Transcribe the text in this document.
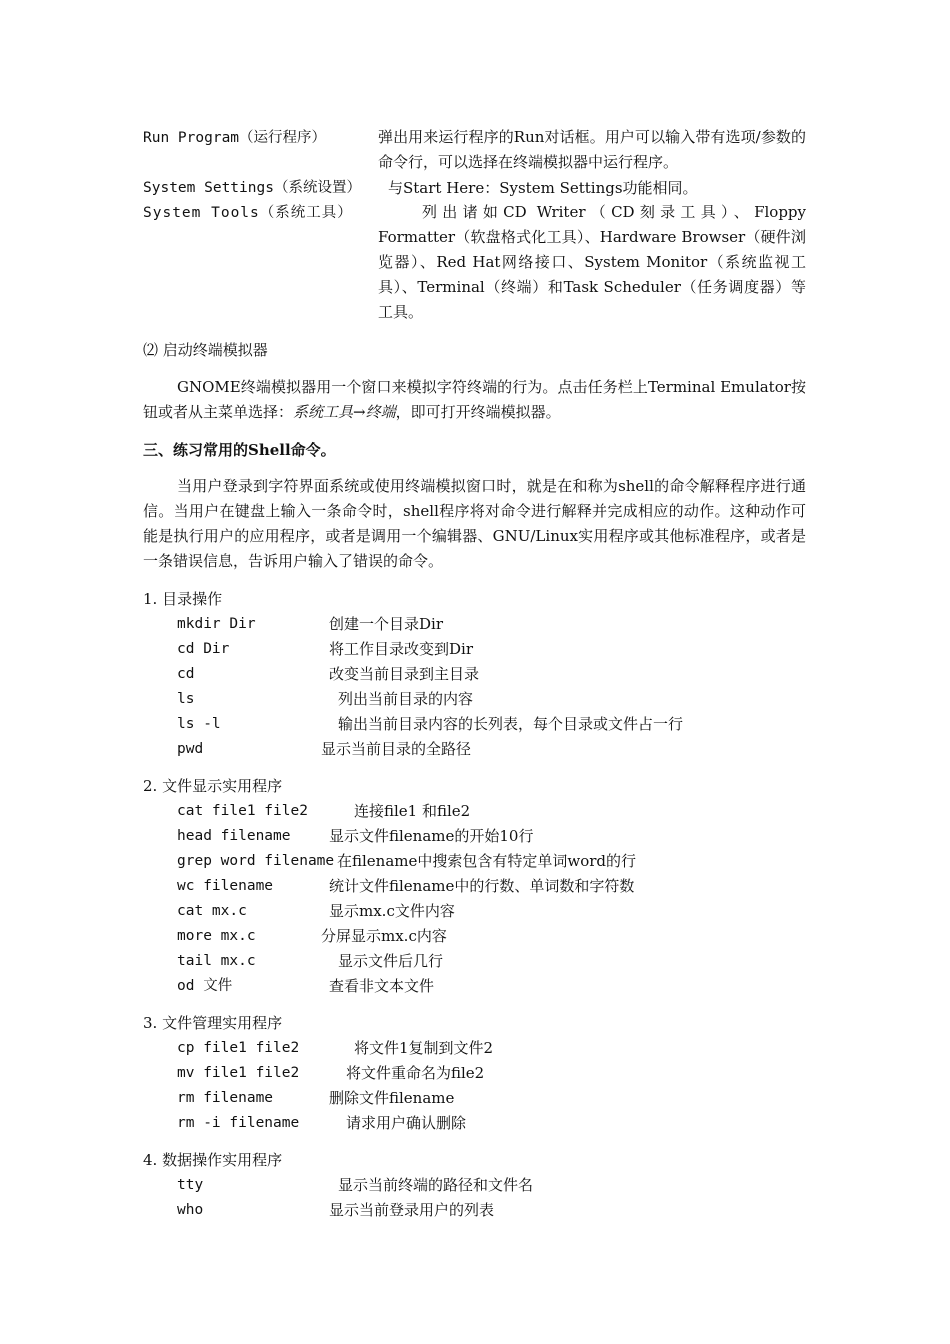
Run Program（运行程序）	弹出用来运行程序的Run对话框。用户可以输入带有选项/参数的命令行，可以选择在终端模拟器中运行程序。
System Settings（系统设置） 与Start Here：System Settings功能相同。
System Tools（系统工具）	列出诸如CD Writer（CD刻录工具）、Floppy Formatter（软盘格式化工具）、Hardware Browser（硬件浏览器）、Red Hat网络接口、System Monitor（系统监视工具）、Terminal（终端）和Task Scheduler（任务调度器）等工具。
⑵ 启动终端模拟器
GNOME终端模拟器用一个窗口来模拟字符终端的行为。点击任务栏上Terminal Emulator按钮或者从主菜单选择：系统工具→终端，即可打开终端模拟器。
三、练习常用的Shell命令。
当用户登录到字符界面系统或使用终端模拟窗口时，就是在和称为shell的命令解释程序进行通信。当用户在键盘上输入一条命令时，shell程序将对命令进行解释并完成相应的动作。这种动作可能是执行用户的应用程序，或者是调用一个编辑器、GNU/Linux实用程序或其他标准程序，或者是一条错误信息，告诉用户输入了错误的命令。
1. 目录操作
mkdir Dir	创建一个目录Dir
cd Dir	将工作目录改变到Dir
cd	改变当前目录到主目录
ls	列出当前目录的内容
ls -l	输出当前目录内容的长列表，每个目录或文件占一行
pwd	显示当前目录的全路径
2. 文件显示实用程序
cat file1 file2	连接file1 和file2
head filename	显示文件filename的开始10行
grep word filename 在filename中搜索包含有特定单词word的行
wc filename	统计文件filename中的行数、单词数和字符数
cat mx.c	显示mx.c文件内容
more mx.c	分屏显示mx.c内容
tail mx.c	显示文件后几行
od 文件	查看非文本文件
3. 文件管理实用程序
cp file1 file2	将文件1复制到文件2
mv file1 file2	将文件重命名为file2
rm filename	删除文件filename
rm -i filename	请求用户确认删除
4. 数据操作实用程序
tty	显示当前终端的路径和文件名
who	显示当前登录用户的列表
